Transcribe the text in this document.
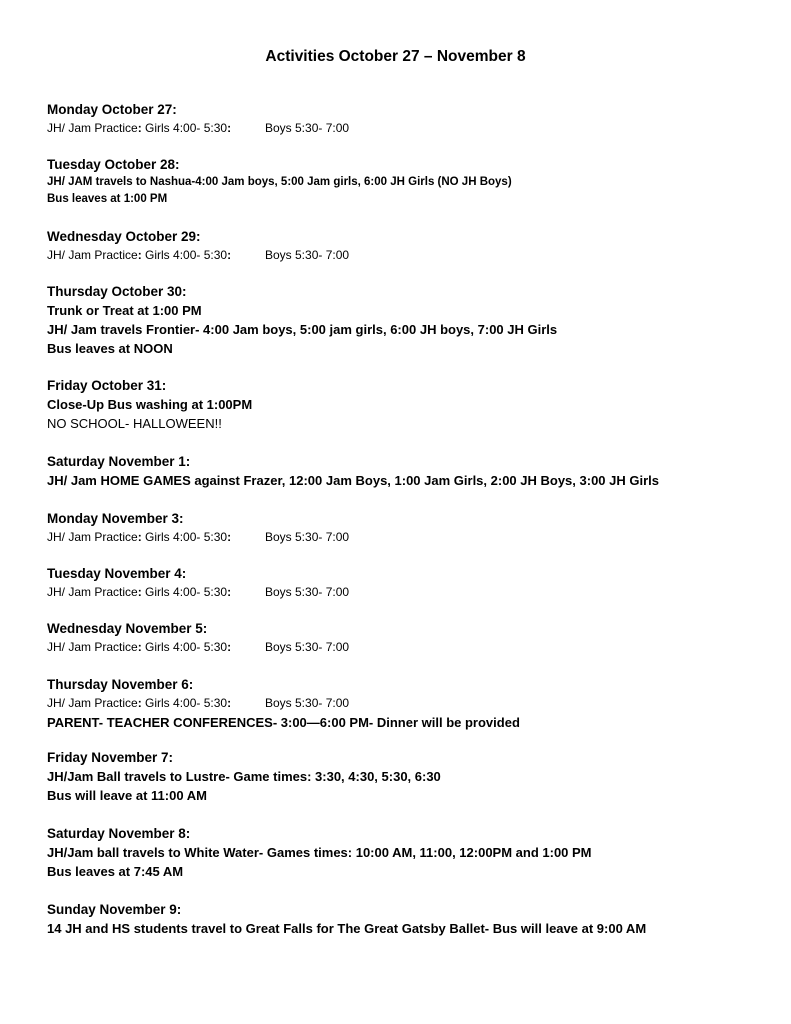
Activities October 27 – November 8
Monday October 27:
JH/ Jam Practice: Girls 4:00- 5:30:	Boys 5:30- 7:00
Tuesday October 28:
JH/ JAM travels to Nashua-4:00 Jam boys, 5:00 Jam girls, 6:00 JH Girls (NO JH Boys)
Bus leaves at 1:00 PM
Wednesday October 29:
JH/ Jam Practice: Girls 4:00- 5:30:	Boys 5:30- 7:00
Thursday October 30:
Trunk or Treat at 1:00 PM
JH/ Jam travels Frontier- 4:00 Jam boys, 5:00 jam girls, 6:00 JH boys, 7:00 JH Girls
Bus leaves at NOON
Friday October 31:
Close-Up Bus washing at 1:00PM
NO SCHOOL- HALLOWEEN!!
Saturday November 1:
JH/ Jam HOME GAMES against Frazer, 12:00 Jam Boys, 1:00 Jam Girls, 2:00 JH Boys, 3:00 JH Girls
Monday November 3:
JH/ Jam Practice: Girls 4:00- 5:30:	Boys 5:30- 7:00
Tuesday November 4:
JH/ Jam Practice: Girls 4:00- 5:30:	Boys 5:30- 7:00
Wednesday November 5:
JH/ Jam Practice: Girls 4:00- 5:30:	Boys 5:30- 7:00
Thursday November 6:
JH/ Jam Practice: Girls 4:00- 5:30:	Boys 5:30- 7:00
PARENT- TEACHER CONFERENCES- 3:00—6:00 PM- Dinner will be provided
Friday November 7:
JH/Jam Ball travels to Lustre- Game times: 3:30, 4:30, 5:30, 6:30
Bus will leave at 11:00 AM
Saturday November 8:
JH/Jam ball travels to White Water- Games times: 10:00 AM, 11:00, 12:00PM and 1:00 PM
Bus leaves at 7:45 AM
Sunday November 9:
14 JH and HS students travel to Great Falls for The Great Gatsby Ballet- Bus will leave at 9:00 AM
